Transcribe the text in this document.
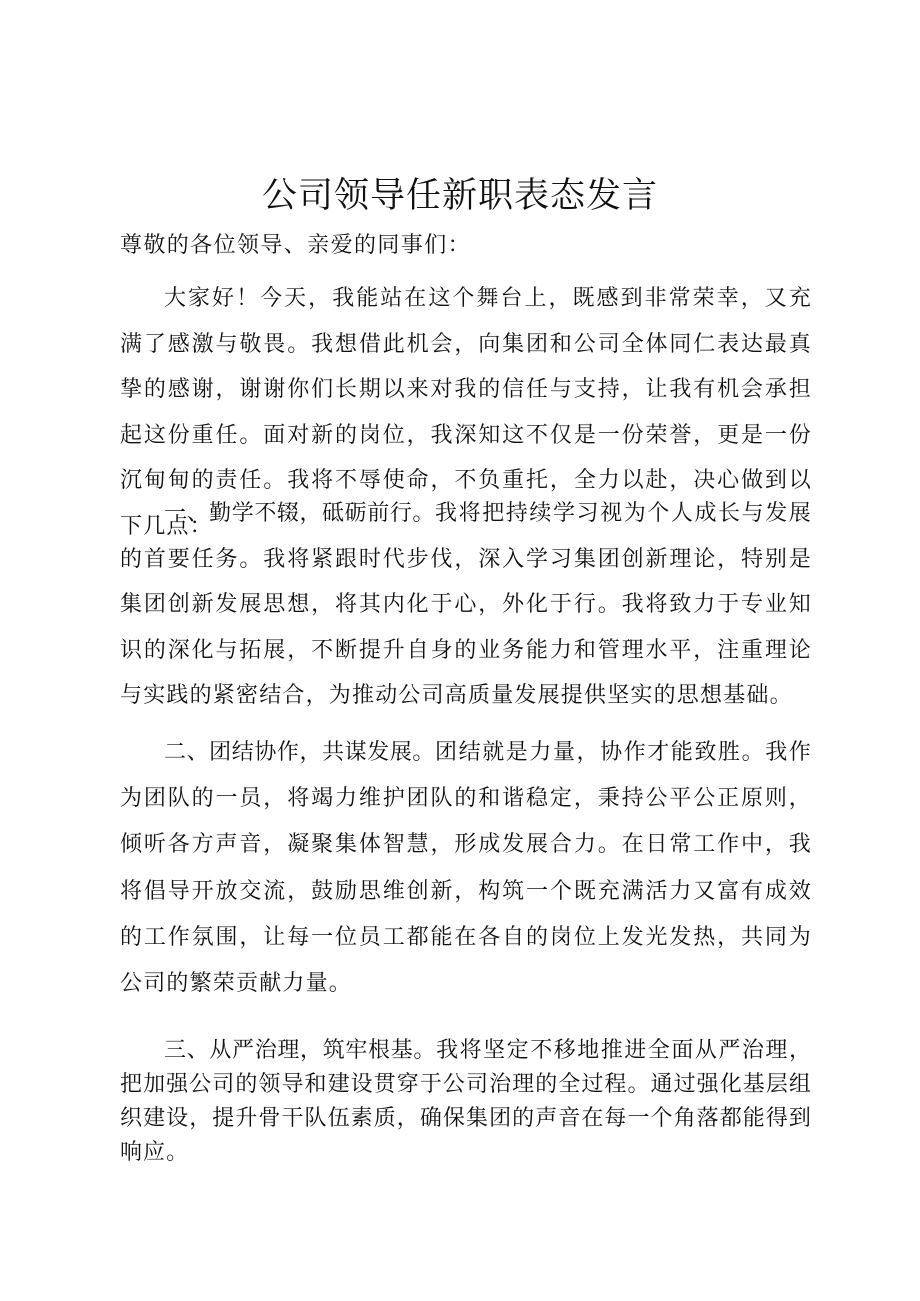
公司领导任新职表态发言

尊敬的各位领导、亲爱的同事们：

大家好！今天，我能站在这个舞台上，既感到非常荣幸，又充满了感激与敬畏。我想借此机会，向集团和公司全体同仁表达最真挚的感谢，谢谢你们长期以来对我的信任与支持，让我有机会承担起这份重任。面对新的岗位，我深知这不仅是一份荣誉，更是一份沉甸甸的责任。我将不辱使命，不负重托，全力以赴，决心做到以下几点：

一、勤学不辍，砥砺前行。我将把持续学习视为个人成长与发展的首要任务。我将紧跟时代步伐，深入学习集团创新理论，特别是集团创新发展思想，将其内化于心，外化于行。我将致力于专业知识的深化与拓展，不断提升自身的业务能力和管理水平，注重理论与实践的紧密结合，为推动公司高质量发展提供坚实的思想基础。

二、团结协作，共谋发展。团结就是力量，协作才能致胜。我作为团队的一员，将竭力维护团队的和谐稳定，秉持公平公正原则，倾听各方声音，凝聚集体智慧，形成发展合力。在日常工作中，我将倡导开放交流，鼓励思维创新，构筑一个既充满活力又富有成效的工作氛围，让每一位员工都能在各自的岗位上发光发热，共同为公司的繁荣贡献力量。

三、从严治理，筑牢根基。我将坚定不移地推进全面从严治理，把加强公司的领导和建设贯穿于公司治理的全过程。通过强化基层组织建设，提升骨干队伍素质，确保集团的声音在每一个角落都能得到响应。
